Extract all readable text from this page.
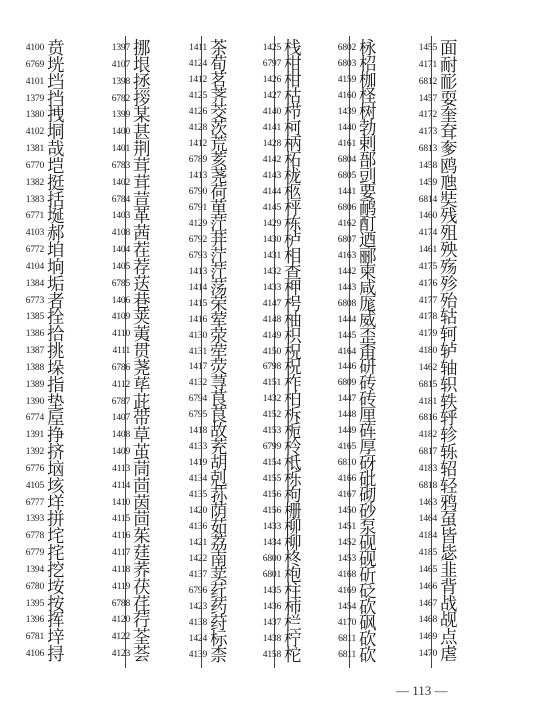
4100 贲
6769 垙
4101 垱
1379 挡
1380 拽
4102 垌
1381 哉
6770 垲
1382 挺
1383 括
6771 埏
4103 郝
6772 垍
4104 垧
1384 垢
6773 者
1385 拴
1386 拾
1387 挑
1388 垛
1389 指
1390 垫
6774 垕
1391 挣
1392 挤
6776 垴
4105 垓
6777 垟
1393 拼
6778 垞
6779 挓
1394 挖
6780 垵
1395 按
1396 挥
6781 垶
4106 挦
1397 挪
4107 垠
1398 拯
6782 拶
1399 某
1400 甚
1401 荆
6783 茸
1402 茸
6784 荁
1403 革
4108 茜
1404 茬
1405 荐
6785 荙
1406 巷
4109 荚
4110 荑
4111 贯
6786 荛
4112 荜
6787 茈
1407 带
1408 草
1409 茧
4113 茼
4114 茴
1410 茵
4115 茴
4116 茱
4117 莛
4118 荞
4119 茯
6788 荏
4120 荇
4122 荃
4123 荟
1411 茶
4124 荀
1412 茗
4125 荠
4126 茭
4128 茨
1412 荒
6789 荄
1413 荛
6790 荷
6791 荲
4129 茳
6792 荓
6793 茳
1413 茳
1414 荡
1415 荣
1416 荤
4130 荥
4131 荦
1417 荧
4132 荨
6794 茛
6795 茛
1418 故
4133 茺
1419 胡
4134 剋
4135 荪
1420 荫
4136 茹
1421 荔
1422 南
4137 荬
6796 荭
1423 药
4138 荮
1424 标
4139 柰
1425 栈
6797 柑
1426 柑
1427 枯
4140 栉
4141 柯
1428 柄
4142 柘
4143 栊
4144 柩
4145 枰
1429 栋
1430 栌
1431 相
1432 查
1433 柙
4147 枵
4148 柚
4149 枳
4150 柷
6798 柷
4151 柞
1432 柏
4152 柝
4153 栀
6799 柃
4154 柢
4155 栎
4156 枸
4156 栅
1433 柳
1434 柳
6800 柊
6801 枹
1435 柱
1436 柿
1437 栏
1438 柠
4158 柁
6802 栐
6803 柖
4159 枷
4160 柽
1439 树
1440 勃
4161 剌
6804 郚
6805 剅
1441 要
6806 鸸
4162 酊
6807 迺
4163 郦
1442 柬
1443 咸
6808 厖
1444 威
1445 歪
4164 甭
1446 研
6809 砖
1447 砖
1448 厘
1449 砗
4165 厚
6810 砑
4166 砒
4167 砌
1450 砂
1451 泵
1452 砚
1453 砚
4168 斫
4169 砭
1454 砍
4170 砜
6811 砍
6811 砍
1455 面
4171 耐
6812 耏
1457 耍
4172 奎
4173 耷
6813 奓
1458 鸥
1459 虺
6814 奘
1460 残
4174 殂
1461 殃
4175 殇
4176 殄
4177 殆
4178 轱
4179 轲
4180 轳
1462 轴
6815 轵
4181 轶
6816 轷
4182 轸
6817 轹
4183 轺
6818 轻
1463 鸦
1464 虿
4184 皆
4185 毖
1465 韭
1466 背
1467 战
1468 觇
1469 点
1470 虐
— 113 —
